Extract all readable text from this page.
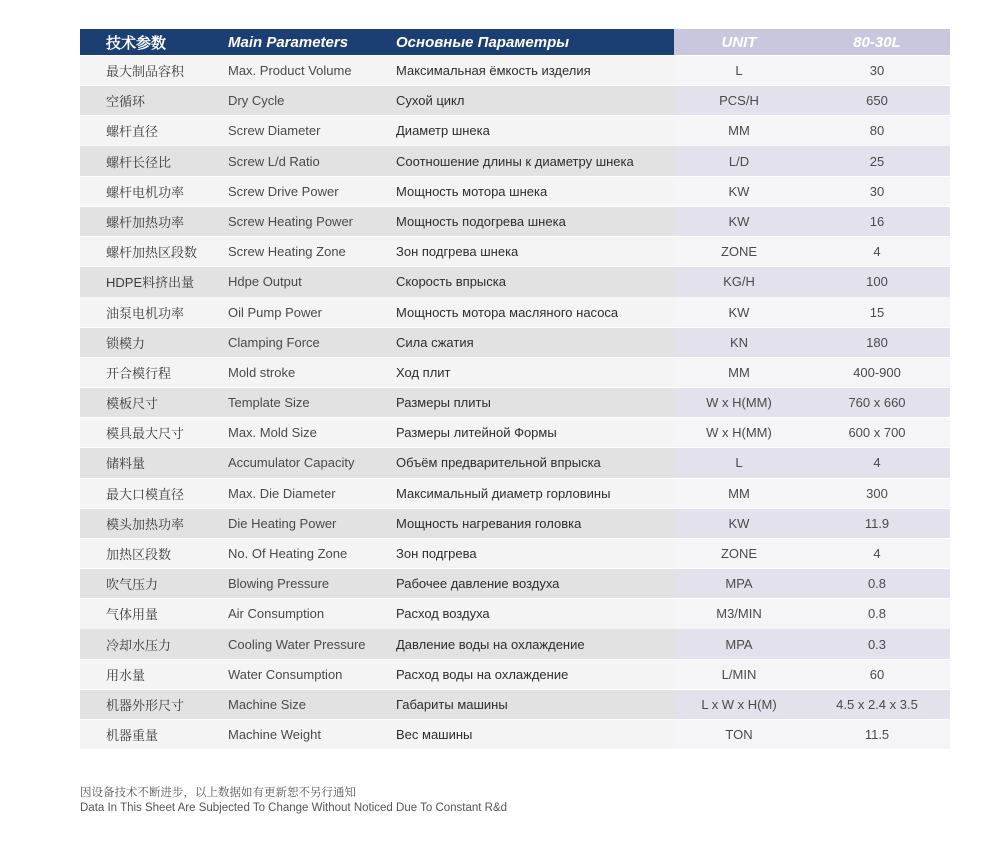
技术参数	Main Parameters	Основные Параметры	UNIT	80-30L
最大制品容积	Max. Product Volume	Максимальная ёмкость изделия	L	30
空循环	Dry Cycle	Сухой цикл	PCS/H	650
螺杆直径	Screw Diameter	Диаметр шнека	MM	80
螺杆长径比	Screw L/d Ratio	Соотношение длины к диаметру шнека	L/D	25
螺杆电机功率	Screw Drive Power	Мощность мотора шнека	KW	30
螺杆加热功率	Screw Heating Power	Мощность подогрева шнека	KW	16
螺杆加热区段数	Screw Heating Zone	Зон подгрева шнека	ZONE	4
HDPE料挤出量	Hdpe Output	Скорость впрыска	KG/H	100
油泵电机功率	Oil Pump Power	Мощность мотора масляного насоса	KW	15
锁模力	Clamping Force	Сила сжатия	KN	180
开合模行程	Mold stroke	Ход плит	MM	400-900
模板尺寸	Template Size	Размеры плиты	W x H(MM)	760 x 660
模具最大尺寸	Max. Mold Size	Размеры литейной Формы	W x H(MM)	600 x 700
储料量	Accumulator Capacity	Объём предварительной впрыска	L	4
最大口模直径	Max. Die Diameter	Максимальный диаметр горловины	MM	300
模头加热功率	Die Heating Power	Мощность нагревания головка	KW	11.9
加热区段数	No. Of Heating Zone	Зон подгрева	ZONE	4
吹气压力	Blowing Pressure	Рабочее давление воздуха	MPA	0.8
气体用量	Air Consumption	Расход воздуха	M3/MIN	0.8
冷却水压力	Cooling Water Pressure	Давление воды на охлаждение	MPA	0.3
用水量	Water Consumption	Расход воды на охлаждение	L/MIN	60
机器外形尺寸	Machine Size	Габариты машины	L x W x H(M)	4.5 x 2.4 x 3.5
机器重量	Machine Weight	Вес машины	TON	11.5
因设备技术不断进步，以上数据如有更新恕不另行通知
Data In This Sheet Are Subjected To Change Without Noticed Due To Constant R&d
